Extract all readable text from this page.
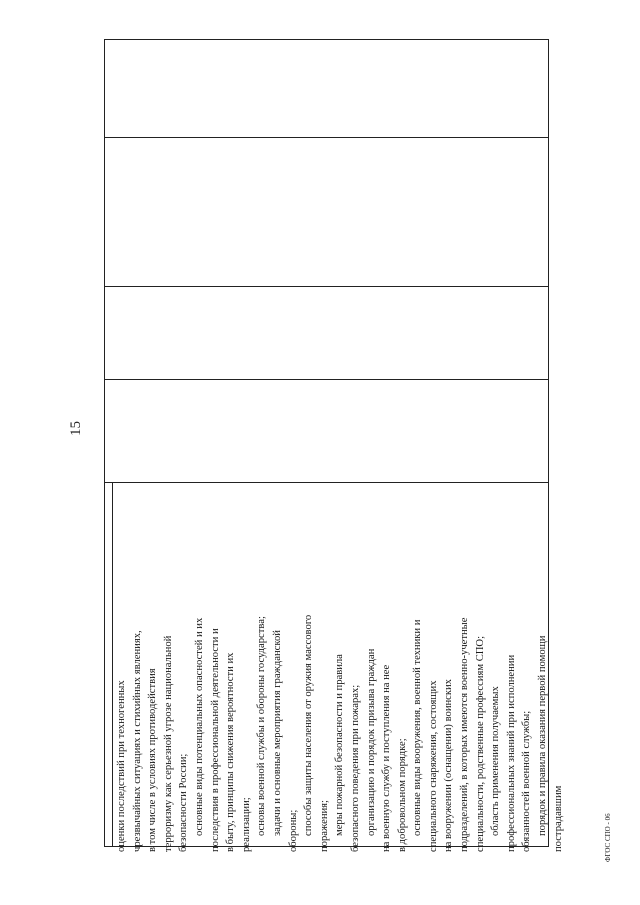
15
ФГОС СПО - 06
оценки последствий при техногенных чрезвычайных ситуациях и стихийных явлениях, в том числе в условиях противодействия терроризму как серьезной угрозе национальной безопасности России; основные виды потенциальных опасностей и их последствия в профессиональной деятельности и в быту, принципы снижения вероятности их реализации; основы военной службы и обороны государства; задачи и основные мероприятия гражданской обороны; способы защиты населения от оружия массового поражения; меры пожарной безопасности и правила безопасного поведения при пожарах; организацию и порядок призыва граждан на военную службу и поступления на нее в добровольном порядке; основные виды вооружения, военной техники и специального снаряжения, состоящих на вооружении (оснащении) воинских подразделений, в которых имеются военно-учетные специальности, родственные профессиям СПО; область применения получаемых профессиональных знаний при исполнении обязанностей военной службы; порядок и правила оказания первой помощи пострадавшим
